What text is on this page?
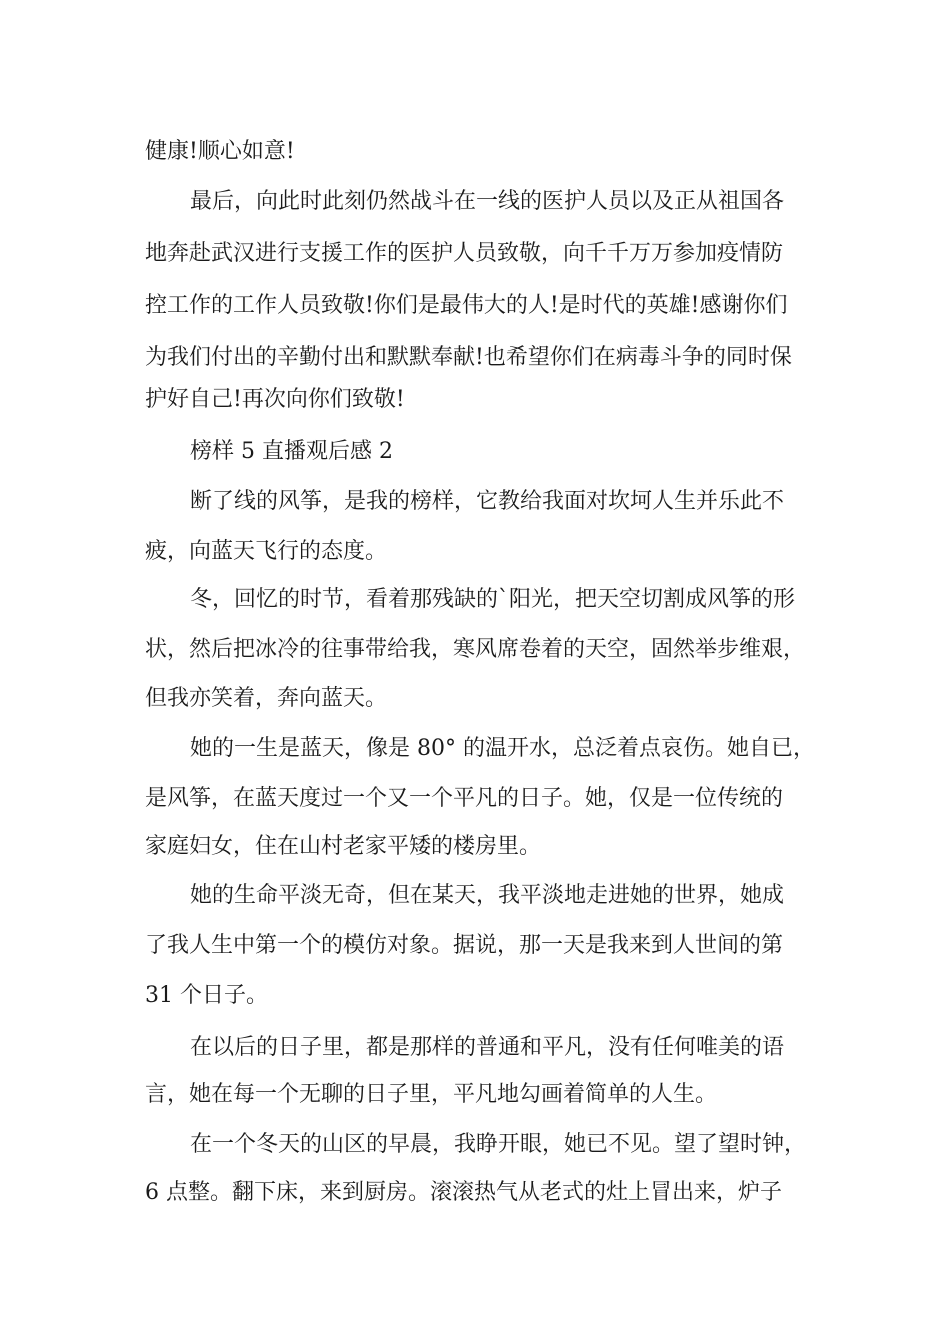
健康!顺心如意!
最后，向此时此刻仍然战斗在一线的医护人员以及正从祖国各
地奔赴武汉进行支援工作的医护人员致敬，向千千万万参加疫情防
控工作的工作人员致敬!你们是最伟大的人!是时代的英雄!感谢你们
为我们付出的辛勤付出和默默奉献!也希望你们在病毒斗争的同时保
护好自己!再次向你们致敬!
榜样 5 直播观后感 2
断了线的风筝，是我的榜样，它教给我面对坎坷人生并乐此不
疲，向蓝天飞行的态度。
冬，回忆的时节，看着那残缺的`阳光，把天空切割成风筝的形
状，然后把冰冷的往事带给我，寒风席卷着的天空，固然举步维艰，
但我亦笑着，奔向蓝天。
她的一生是蓝天，像是 80° 的温开水，总泛着点哀伤。她自已，
是风筝，在蓝天度过一个又一个平凡的日子。她，仅是一位传统的
家庭妇女，住在山村老家平矮的楼房里。
她的生命平淡无奇，但在某天，我平淡地走进她的世界，她成
了我人生中第一个的模仿对象。据说，那一天是我来到人世间的第
31 个日子。
在以后的日子里，都是那样的普通和平凡，没有任何唯美的语
言，她在每一个无聊的日子里，平凡地勾画着简单的人生。
在一个冬天的山区的早晨，我睁开眼，她已不见。望了望时钟，
6 点整。翻下床，来到厨房。滚滚热气从老式的灶上冒出来，炉子
